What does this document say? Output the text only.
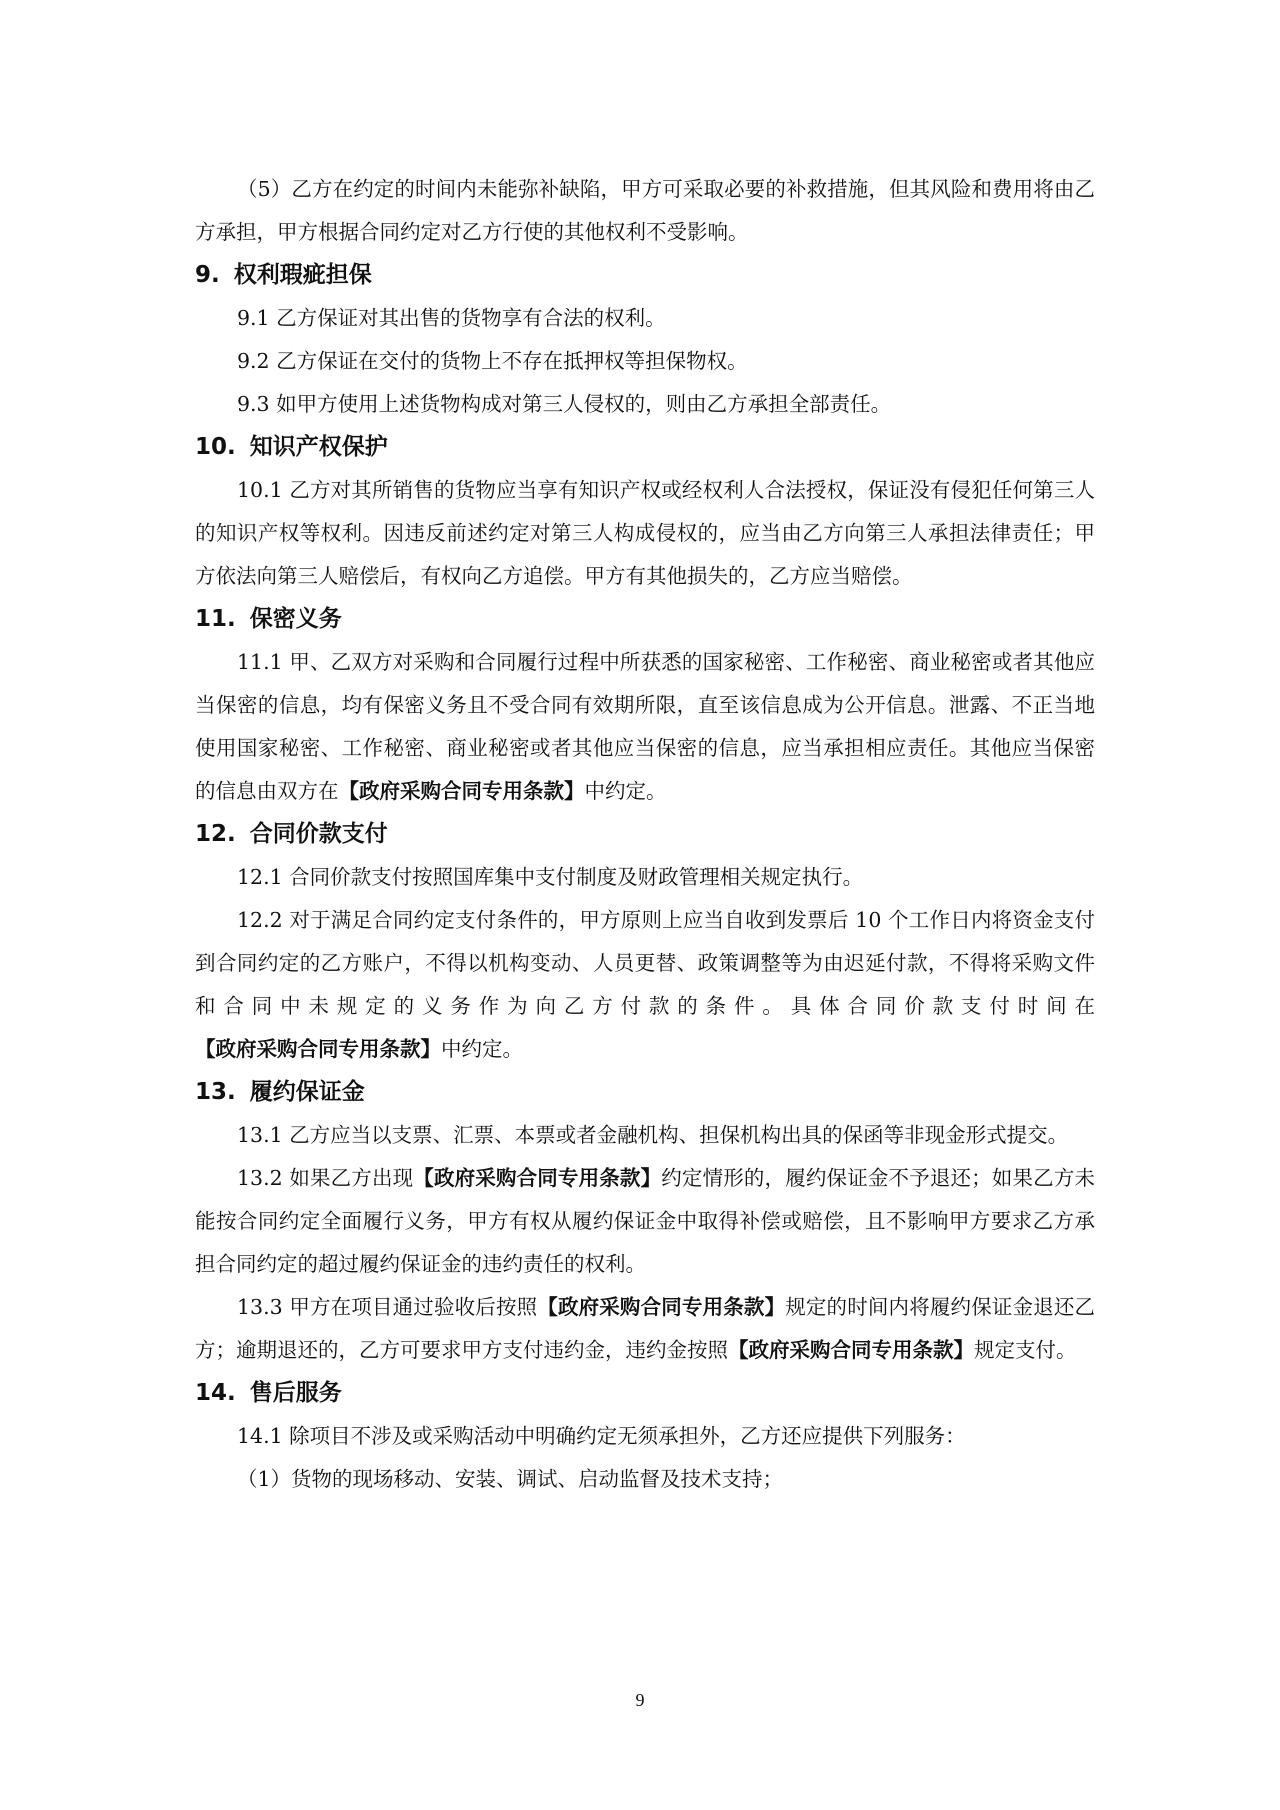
（5）乙方在约定的时间内未能弥补缺陷，甲方可采取必要的补救措施，但其风险和费用将由乙方承担，甲方根据合同约定对乙方行使的其他权利不受影响。

9. 权利瑕疵担保

9.1 乙方保证对其出售的货物享有合法的权利。

9.2 乙方保证在交付的货物上不存在抵押权等担保物权。

9.3 如甲方使用上述货物构成对第三人侵权的，则由乙方承担全部责任。

10. 知识产权保护

10.1 乙方对其所销售的货物应当享有知识产权或经权利人合法授权，保证没有侵犯任何第三人的知识产权等权利。因违反前述约定对第三人构成侵权的，应当由乙方向第三人承担法律责任；甲方依法向第三人赔偿后，有权向乙方追偿。甲方有其他损失的，乙方应当赔偿。

11. 保密义务

11.1 甲、乙双方对采购和合同履行过程中所获悉的国家秘密、工作秘密、商业秘密或者其他应当保密的信息，均有保密义务且不受合同有效期所限，直至该信息成为公开信息。泄露、不正当地使用国家秘密、工作秘密、商业秘密或者其他应当保密的信息，应当承担相应责任。其他应当保密的信息由双方在【政府采购合同专用条款】中约定。

12. 合同价款支付

12.1 合同价款支付按照国库集中支付制度及财政管理相关规定执行。

12.2 对于满足合同约定支付条件的，甲方原则上应当自收到发票后 10 个工作日内将资金支付到合同约定的乙方账户，不得以机构变动、人员更替、政策调整等为由迟延付款，不得将采购文件和合同中未规定的义务作为向乙方付款的条件。具体合同价款支付时间在【政府采购合同专用条款】中约定。

13. 履约保证金

13.1 乙方应当以支票、汇票、本票或者金融机构、担保机构出具的保函等非现金形式提交。

13.2 如果乙方出现【政府采购合同专用条款】约定情形的，履约保证金不予退还；如果乙方未能按合同约定全面履行义务，甲方有权从履约保证金中取得补偿或赔偿，且不影响甲方要求乙方承担合同约定的超过履约保证金的违约责任的权利。

13.3 甲方在项目通过验收后按照【政府采购合同专用条款】规定的时间内将履约保证金退还乙方；逾期退还的，乙方可要求甲方支付违约金，违约金按照【政府采购合同专用条款】规定支付。

14. 售后服务

14.1 除项目不涉及或采购活动中明确约定无须承担外，乙方还应提供下列服务：

（1）货物的现场移动、安装、调试、启动监督及技术支持；

9
